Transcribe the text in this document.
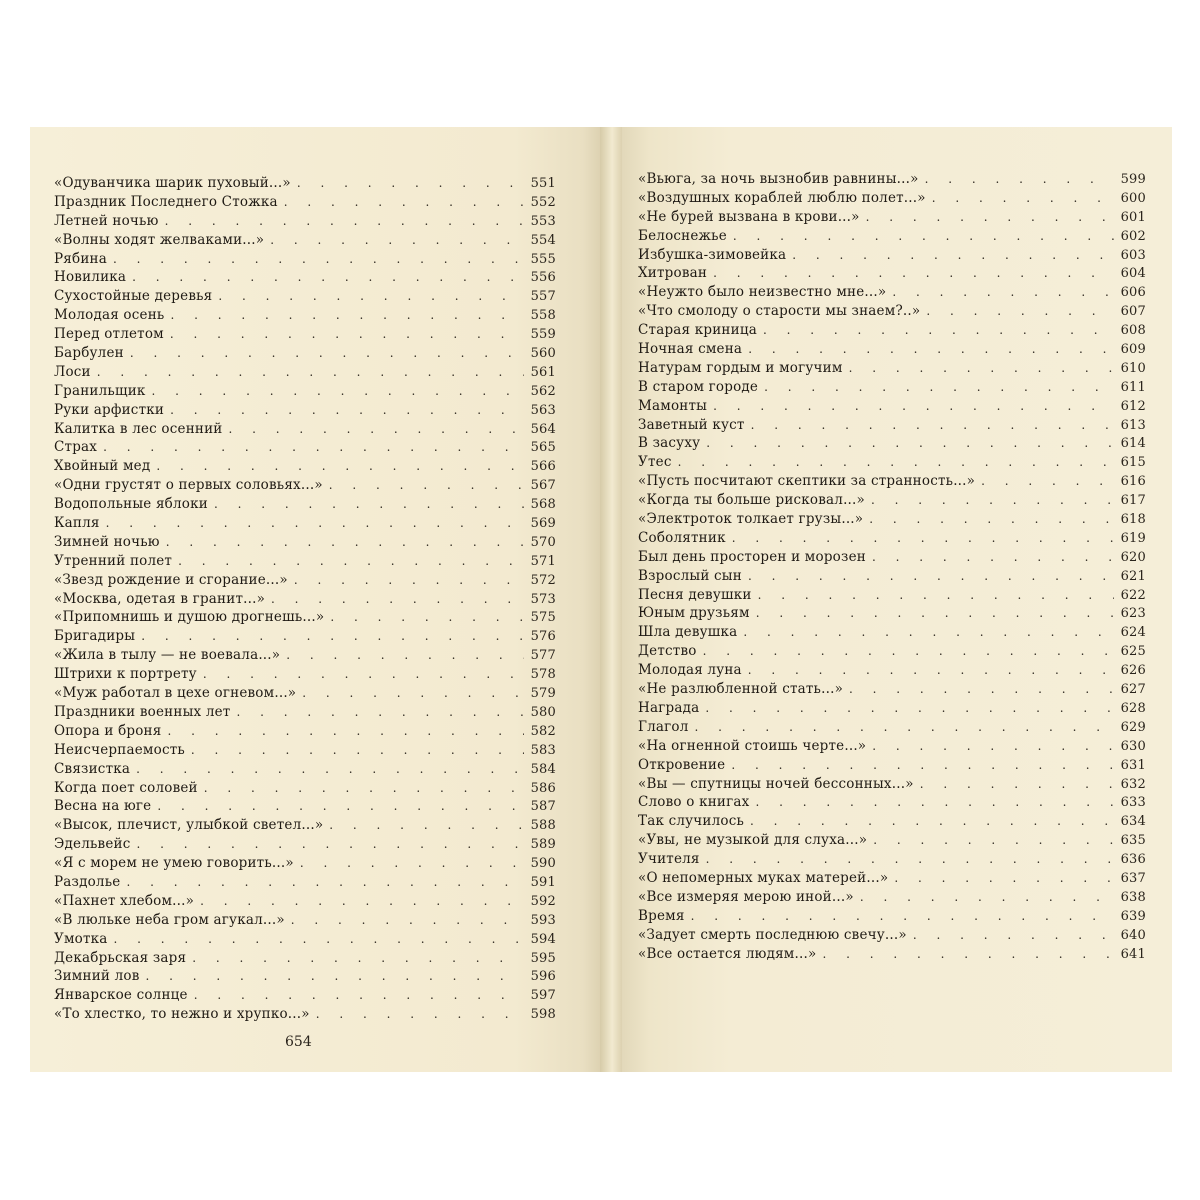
«Одуванчика шарик пуховый...» . . .	551
Праздник Последнего Стожка . . .	552
Летней ночью . . .	553
«Волны ходят желваками...» . . .	554
Рябина . . .	555
Новилика . . .	556
Сухостойные деревья . . .	557
Молодая осень . . .	558
Перед отлетом . . .	559
Барбулен . . .	560
Лоси . . .	561
Гранильщик . . .	562
Руки арфистки . . .	563
Калитка в лес осенний . . .	564
Страх . . .	565
Хвойный мед . . .	566
«Одни грустят о первых соловьях...» . . .	567
Водопольные яблоки . . .	568
Капля . . .	569
Зимней ночью . . .	570
Утренний полет . . .	571
«Звезд рождение и сгорание...» . . .	572
«Москва, одетая в гранит...» . . .	573
«Припомнишь и душою дрогнешь...» . . .	575
Бригадиры . . .	576
«Жила в тылу — не воевала...» . . .	577
Штрихи к портрету . . .	578
«Муж работал в цехе огневом...» . . .	579
Праздники военных лет . . .	580
Опора и броня . . .	582
Неисчерпаемость . . .	583
Связистка . . .	584
Когда поет соловей . . .	586
Весна на юге . . .	587
«Высок, плечист, улыбкой светел...» . . .	588
Эдельвейс . . .	589
«Я с морем не умею говорить...» . . .	590
Раздолье . . .	591
«Пахнет хлебом...» . . .	592
«В люльке неба гром агукал...» . . .	593
Умотка . . .	594
Декабрьская заря . . .	595
Зимний лов . . .	596
Январское солнце . . .	597
«То хлестко, то нежно и хрупко...» . . .	598
654
«Вьюга, за ночь вызнобив равнины...» . . .	599
«Воздушных кораблей люблю полет...» . . .	600
«Не бурей вызвана в крови...» . . .	601
Белоснежье . . .	602
Избушка-зимовейка . . .	603
Хитрован . . .	604
«Неужто было неизвестно мне...» . . .	606
«Что смолоду о старости мы знаем?..» . . .	607
Старая криница . . .	608
Ночная смена . . .	609
Натурам гордым и могучим . . .	610
В старом городе . . .	611
Мамонты . . .	612
Заветный куст . . .	613
В засуху . . .	614
Утес . . .	615
«Пусть посчитают скептики за странность...» . . .	616
«Когда ты больше рисковал...» . . .	617
«Электроток толкает грузы...» . . .	618
Соболятник . . .	619
Был день просторен и морозен . . .	620
Взрослый сын . . .	621
Песня девушки . . .	622
Юным друзьям . . .	623
Шла девушка . . .	624
Детство . . .	625
Молодая луна . . .	626
«Не разлюбленной стать...» . . .	627
Награда . . .	628
Глагол . . .	629
«На огненной стоишь черте...» . . .	630
Откровение . . .	631
«Вы — спутницы ночей бессонных...» . . .	632
Слово о книгах . . .	633
Так случилось . . .	634
«Увы, не музыкой для слуха...» . . .	635
Учителя . . .	636
«О непомерных муках матерей...» . . .	637
«Все измеряя мерою иной...» . . .	638
Время . . .	639
«Задует смерть последнюю свечу...» . . .	640
«Все остается людям...» . . .	641
